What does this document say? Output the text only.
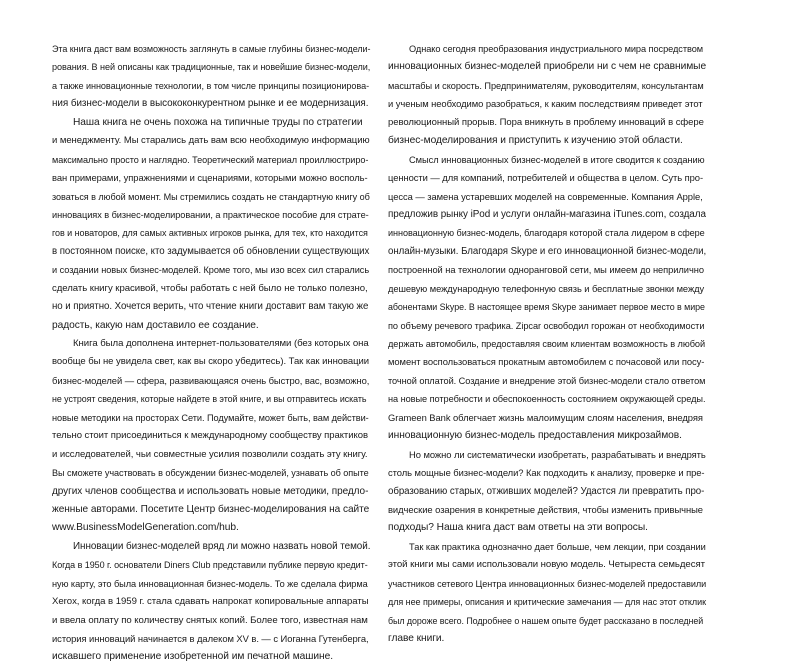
Эта книга даст вам возможность заглянуть в самые глубины бизнес-модели-
рования. В ней описаны как традиционные, так и новейшие бизнес-модели,
а также инновационные технологии, в том числе принципы позиционирова-
ния бизнес-модели в высококонкурентном рынке и ее модернизация.
Наша книга не очень похожа на типичные труды по стратегии
и менеджменту. Мы старались дать вам всю необходимую информацию
максимально просто и наглядно. Теоретический материал проиллюстриро-
ван примерами, упражнениями и сценариями, которыми можно восполь-
зоваться в любой момент. Мы стремились создать не стандартную книгу об
инновациях в бизнес-моделировании, а практическое пособие для страте-
гов и новаторов, для самых активных игроков рынка, для тех, кто находится
в постоянном поиске, кто задумывается об обновлении существующих
и создании новых бизнес-моделей. Кроме того, мы изо всех сил старались
сделать книгу красивой, чтобы работать с ней было не только полезно,
но и приятно. Хочется верить, что чтение книги доставит вам такую же
радость, какую нам доставило ее создание.
Книга была дополнена интернет-пользователями (без которых она
вообще бы не увидела свет, как вы скоро убедитесь). Так как инновации
бизнес-моделей — сфера, развивающаяся очень быстро, вас, возможно,
не устроят сведения, которые найдете в этой книге, и вы отправитесь искать
новые методики на просторах Сети. Подумайте, может быть, вам действи-
тельно стоит присоединиться к международному сообществу практиков
и исследователей, чьи совместные усилия позволили создать эту книгу.
Вы сможете участвовать в обсуждении бизнес-моделей, узнавать об опыте
других членов сообщества и использовать новые методики, предло-
женные авторами. Посетите Центр бизнес-моделирования на сайте
www.BusinessModelGeneration.com/hub.
Инновации бизнес-моделей вряд ли можно назвать новой темой.
Когда в 1950 г. основатели Diners Club представили публике первую кредит-
ную карту, это была инновационная бизнес-модель. То же сделала фирма
Xerox, когда в 1959 г. стала сдавать напрокат копировальные аппараты
и ввела оплату по количеству снятых копий. Более того, известная нам
история инноваций начинается в далеком XV в. — с Иоганна Гутенберга,
искавшего применение изобретенной им печатной машине.
Однако сегодня преобразования индустриального мира посредством
инновационных бизнес-моделей приобрели ни с чем не сравнимые
масштабы и скорость. Предпринимателям, руководителям, консультантам
и ученым необходимо разобраться, к каким последствиям приведет этот
революционный прорыв. Пора вникнуть в проблему инноваций в сфере
бизнес-моделирования и приступить к изучению этой области.
Смысл инновационных бизнес-моделей в итоге сводится к созданию
ценности — для компаний, потребителей и общества в целом. Суть про-
цесса — замена устаревших моделей на современные. Компания Apple,
предложив рынку iPod и услуги онлайн-магазина iTunes.com, создала
инновационную бизнес-модель, благодаря которой стала лидером в сфере
онлайн-музыки. Благодаря Skype и его инновационной бизнес-модели,
построенной на технологии одноранговой сети, мы имеем до неприлично
дешевую международную телефонную связь и бесплатные звонки между
абонентами Skype. В настоящее время Skype занимает первое место в мире
по объему речевого трафика. Zipcar освободил горожан от необходимости
держать автомобиль, предоставляя своим клиентам возможность в любой
момент воспользоваться прокатным автомобилем с почасовой или посу-
точной оплатой. Создание и внедрение этой бизнес-модели стало ответом
на новые потребности и обеспокоенность состоянием окружающей среды.
Grameen Bank облегчает жизнь малоимущим слоям населения, внедряя
инновационную бизнес-модель предоставления микрозаймов.
Но можно ли систематически изобретать, разрабатывать и внедрять
столь мощные бизнес-модели? Как подходить к анализу, проверке и пре-
образованию старых, отживших моделей? Удастся ли превратить про-
видческие озарения в конкретные действия, чтобы изменить привычные
подходы? Наша книга даст вам ответы на эти вопросы.
Так как практика однозначно дает больше, чем лекции, при создании
этой книги мы сами использовали новую модель. Четыреста семьдесят
участников сетевого Центра инновационных бизнес-моделей предоставили
для нее примеры, описания и критические замечания — для нас этот отклик
был дороже всего. Подробнее о нашем опыте будет рассказано в последней
главе книги.
